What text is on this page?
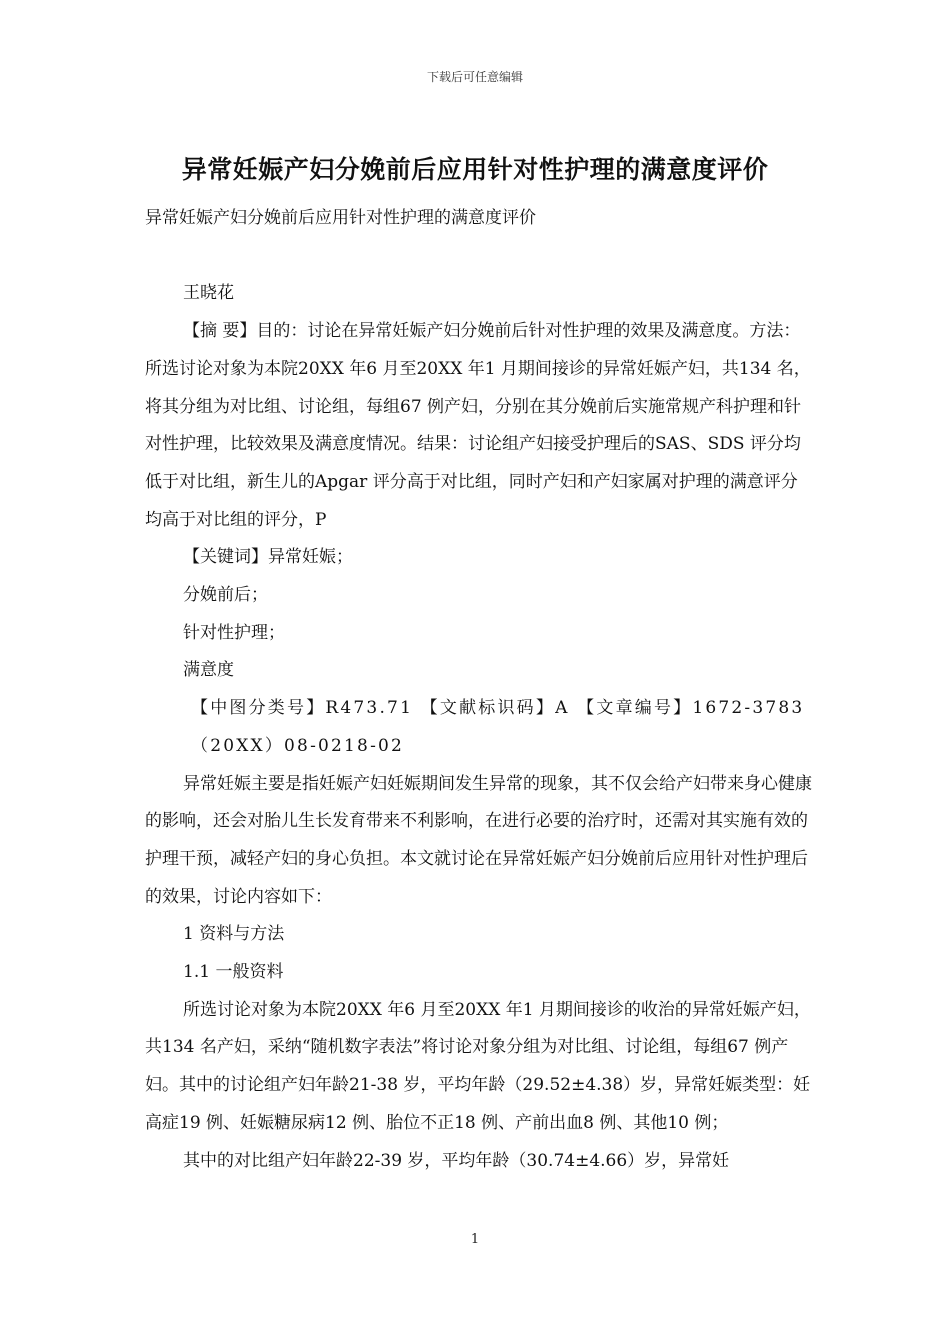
下载后可任意编辑
异常妊娠产妇分娩前后应用针对性护理的满意度评价

异常妊娠产妇分娩前后应用针对性护理的满意度评价

王晓花

【摘 要】目的：讨论在异常妊娠产妇分娩前后针对性护理的效果及满意度。方法：所选讨论对象为本院20XX 年6 月至20XX 年1 月期间接诊的异常妊娠产妇，共134 名，将其分组为对比组、讨论组，每组67 例产妇，分别在其分娩前后实施常规产科护理和针对性护理，比较效果及满意度情况。结果：讨论组产妇接受护理后的SAS、SDS 评分均低于对比组，新生儿的Apgar 评分高于对比组，同时产妇和产妇家属对护理的满意评分均高于对比组的评分，P

【关键词】异常妊娠；

分娩前后；

针对性护理；

满意度

【中图分类号】R473.71 【文献标识码】A 【文章编号】1672-3783（20XX）08-0218-02

异常妊娠主要是指妊娠产妇妊娠期间发生异常的现象，其不仅会给产妇带来身心健康的影响，还会对胎儿生长发育带来不利影响，在进行必要的治疗时，还需对其实施有效的护理干预，减轻产妇的身心负担。本文就讨论在异常妊娠产妇分娩前后应用针对性护理后的效果，讨论内容如下：

1 资料与方法

1.1 一般资料

所选讨论对象为本院20XX 年6 月至20XX 年1 月期间接诊的收治的异常妊娠产妇，共134 名产妇，采纳“随机数字表法”将讨论对象分组为对比组、讨论组，每组67 例产妇。其中的讨论组产妇年龄21-38 岁，平均年龄（29.52±4.38）岁，异常妊娠类型：妊高症19 例、妊娠糖尿病12 例、胎位不正18 例、产前出血8 例、其他10 例；

其中的对比组产妇年龄22-39 岁，平均年龄（30.74±4.66）岁，异常妊

1
